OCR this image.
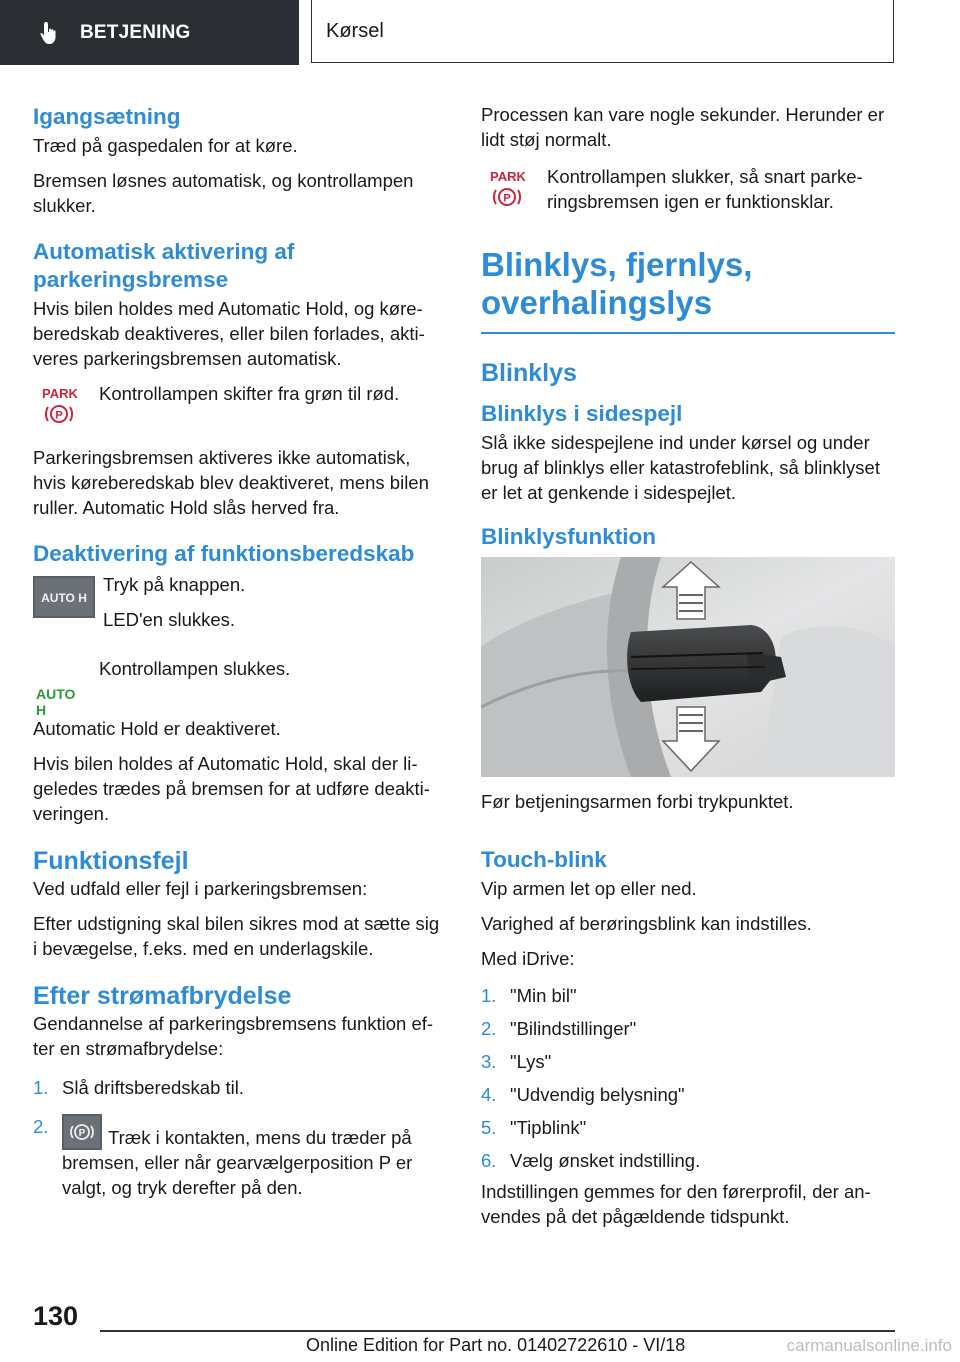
BETJENING	Kørsel
Igangsætning

Træd på gaspedalen for at køre.

Bremsen løsnes automatisk, og kontrollampen slukker.

Automatisk aktivering af parkeringsbremse

Hvis bilen holdes med Automatic Hold, og køreberedskab deaktiveres, eller bilen forlades, aktiveres parkeringsbremsen automatisk.

PARK
P

Kontrollampen skifter fra grøn til rød.

Parkeringsbremsen aktiveres ikke automatisk, hvis køreberedskab blev deaktiveret, mens bilen ruller. Automatic Hold slås herved fra.

Deaktivering af funktionsberedskab
AUTO H

Tryk på knappen.

LED'en slukkes.

AUTO H

Kontrollampen slukkes.

Automatic Hold er deaktiveret.

Hvis bilen holdes af Automatic Hold, skal der ligeledes trædes på bremsen for at udføre deaktiveringen.

Funktionsfejl

Ved udfald eller fejl i parkeringsbremsen:

Efter udstigning skal bilen sikres mod at sætte sig i bevægelse, f.eks. med en underlagskile.

Efter strømafbrydelse

Gendannelse af parkeringsbremsens funktion efter en strømafbrydelse:

1. Slå driftsberedskab til.
2.	P Træk i kontakten, mens du træder på bremsen, eller når gearvælgerposition P er valgt, og tryk derefter på den.

Processen kan vare nogle sekunder. Herunder er lidt støj normalt.

PARK
P

Kontrollampen slukker, så snart parkeringsbremsen igen er funktionsklar.

Blinklys, fjernlys, overhalingslys
Blinklys
Blinklys i sidespejl

Slå ikke sidespejlene ind under kørsel og under brug af blinklys eller katastrofeblink, så blinklyset er let at genkende i sidespejlet.

Blinklysfunktion

Før betjeningsarmen forbi trykpunktet.

Touch-blink

Vip armen let op eller ned.

Varighed af berøringsblink kan indstilles.

Med iDrive:

1. "Min bil"
2. "Bilindstillinger"
3. "Lys"
4. "Udvendig belysning"
5. "Tipblink"
6. Vælg ønsket indstilling.

Indstillingen gemmes for den førerprofil, der anvendes på det pågældende tidspunkt.

130
Online Edition for Part no. 01402722610 - VI/18	carmanualsonline.info
